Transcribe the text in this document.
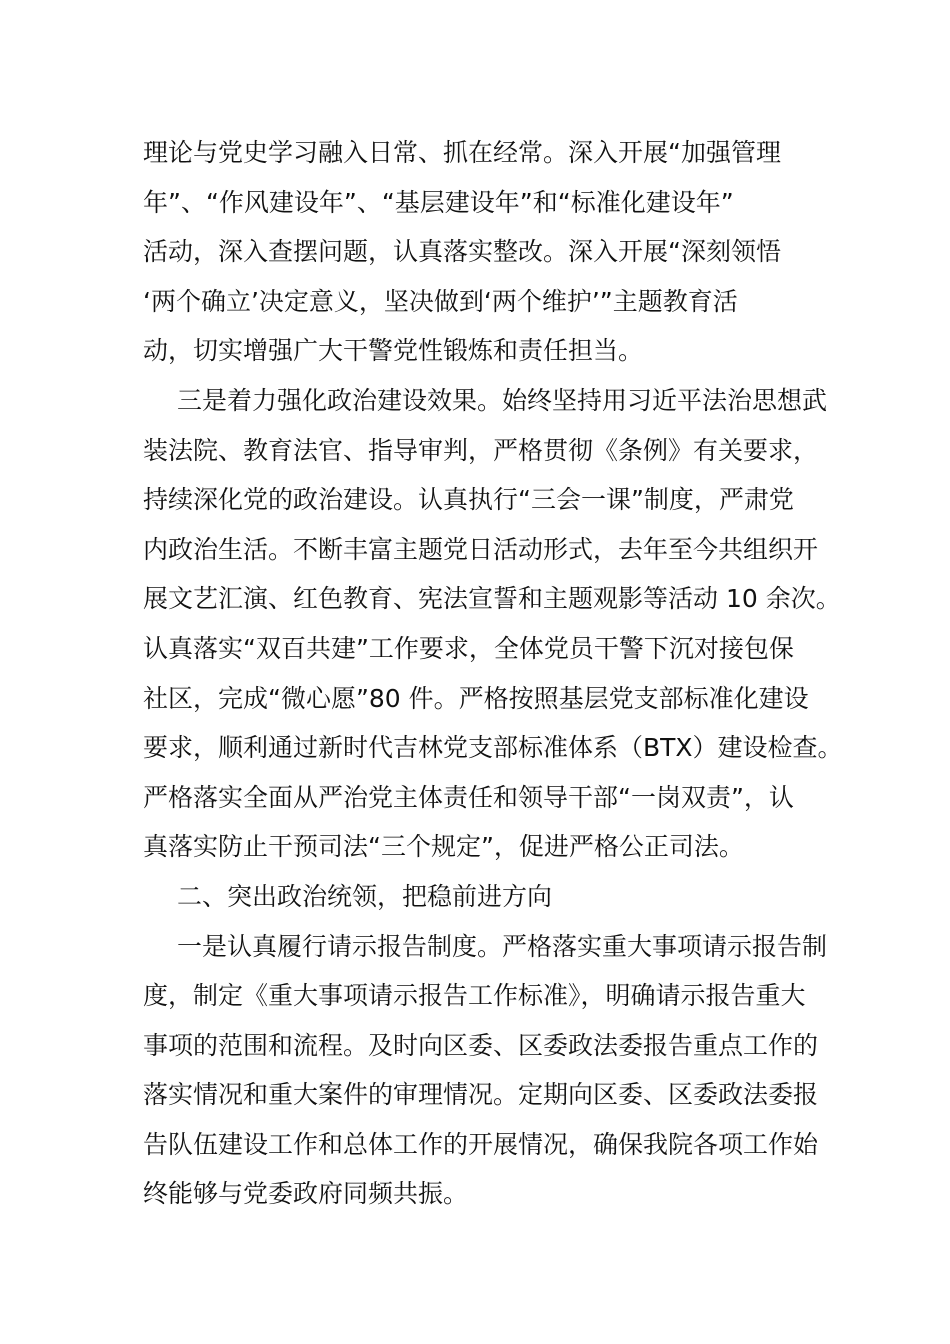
理论与党史学习融入日常、抓在经常。深入开展“加强管理
年”、“作风建设年”、“基层建设年”和“标准化建设年”
活动，深入查摆问题，认真落实整改。深入开展“深刻领悟
‘两个确立’决定意义，坚决做到‘两个维护’”主题教育活
动，切实增强广大干警党性锻炼和责任担当。
三是着力强化政治建设效果。始终坚持用习近平法治思想武
装法院、教育法官、指导审判，严格贯彻《条例》有关要求，
持续深化党的政治建设。认真执行“三会一课”制度，严肃党
内政治生活。不断丰富主题党日活动形式，去年至今共组织开
展文艺汇演、红色教育、宪法宣誓和主题观影等活动 10 余次。
认真落实“双百共建”工作要求，全体党员干警下沉对接包保
社区，完成“微心愿”80 件。严格按照基层党支部标准化建设
要求，顺利通过新时代吉林党支部标准体系（BTX）建设检查。
严格落实全面从严治党主体责任和领导干部“一岗双责”，认
真落实防止干预司法“三个规定”，促进严格公正司法。
二、突出政治统领，把稳前进方向
一是认真履行请示报告制度。严格落实重大事项请示报告制
度，制定《重大事项请示报告工作标准》，明确请示报告重大
事项的范围和流程。及时向区委、区委政法委报告重点工作的
落实情况和重大案件的审理情况。定期向区委、区委政法委报
告队伍建设工作和总体工作的开展情况，确保我院各项工作始
终能够与党委政府同频共振。
